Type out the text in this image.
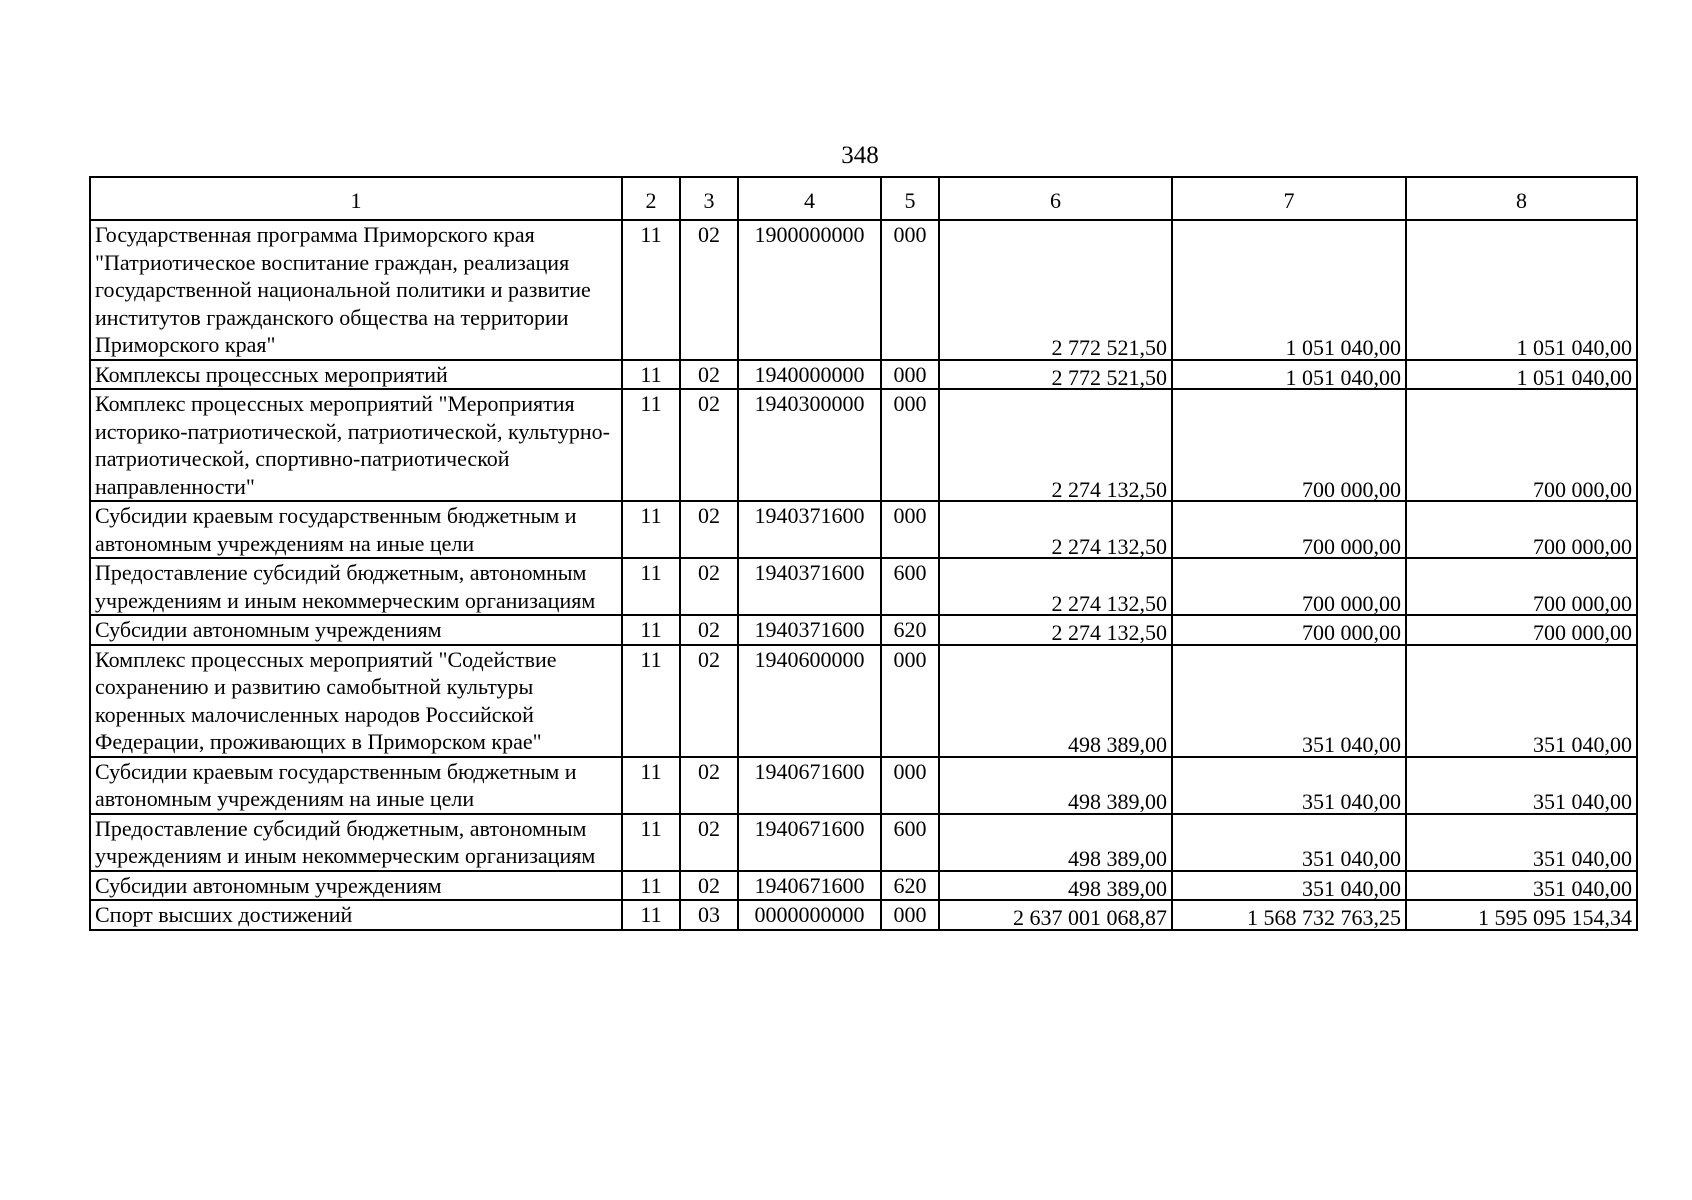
348
1	2	3	4	5	6	7	8
Государственная программа Приморского края "Патриотическое воспитание граждан, реализация государственной национальной политики и развитие институтов гражданского общества на территории Приморского края"	11	02	1900000000	000	2 772 521,50	1 051 040,00	1 051 040,00

Комплексы процессных мероприятий	11	02	1940000000	000	2 772 521,50	1 051 040,00	1 051 040,00

Комплекс процессных мероприятий "Мероприятия историко-патриотической, патриотической, культурно-патриотической, спортивно-патриотической направленности"	11	02	1940300000	000	2 274 132,50	700 000,00	700 000,00

Субсидии краевым государственным бюджетным и автономным учреждениям на иные цели	11	02	1940371600	000	2 274 132,50	700 000,00	700 000,00

Предоставление субсидий бюджетным, автономным учреждениям и иным некоммерческим организациям	11	02	1940371600	600	2 274 132,50	700 000,00	700 000,00

Субсидии автономным учреждениям	11	02	1940371600	620	2 274 132,50	700 000,00	700 000,00

Комплекс процессных мероприятий "Содействие сохранению и развитию самобытной культуры коренных малочисленных народов Российской Федерации, проживающих в Приморском крае"	11	02	1940600000	000	498 389,00	351 040,00	351 040,00

Субсидии краевым государственным бюджетным и автономным учреждениям на иные цели	11	02	1940671600	000	498 389,00	351 040,00	351 040,00

Предоставление субсидий бюджетным, автономным учреждениям и иным некоммерческим организациям	11	02	1940671600	600	498 389,00	351 040,00	351 040,00

Субсидии автономным учреждениям	11	02	1940671600	620	498 389,00	351 040,00	351 040,00

Спорт высших достижений	11	03	0000000000	000	2 637 001 068,87	1 568 732 763,25	1 595 095 154,34
